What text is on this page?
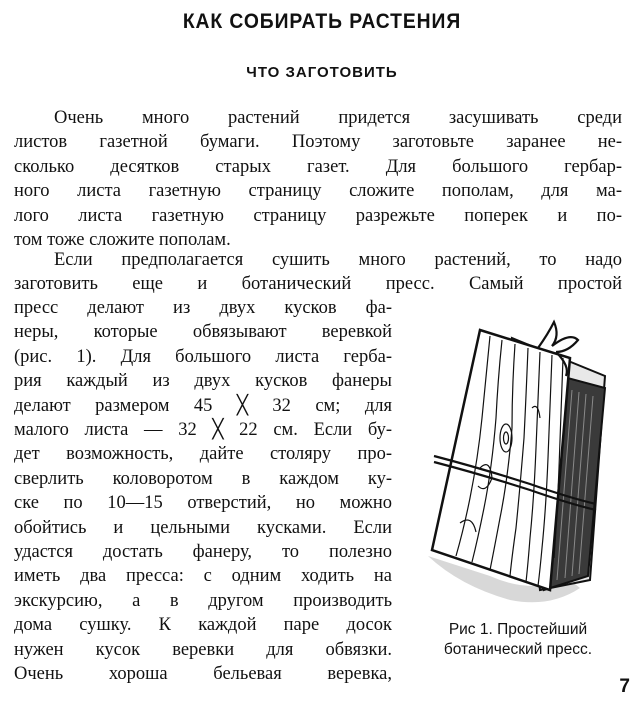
КАК СОБИРАТЬ РАСТЕНИЯ
ЧТО ЗАГОТОВИТЬ
Очень много растений придется засушивать среди
листов газетной бумаги. Поэтому заготовьте заранее не-
сколько десятков старых газет. Для большого гербар-
ного листа газетную страницу сложите пополам, для ма-
лого листа газетную страницу разрежьте поперек и по-
том тоже сложите пополам.
Если предполагается сушить много растений, то надо
заготовить еще и ботанический пресс. Самый простой
пресс делают из двух кусков фа-
неры, которые обвязывают веревкой
(рис. 1). Для большого листа герба-
рия каждый из двух кусков фанеры
делают размером 45 ╳ 32 см; для
малого листа — 32 ╳ 22 см. Если бу-
дет возможность, дайте столяру про-
сверлить коловоротом в каждом ку-
ске по 10—15 отверстий, но можно
обойтись и цельными кусками. Если
удастся достать фанеру, то полезно
иметь два пресса: с одним ходить на
экскурсию, а в другом производить
дома сушку. К каждой паре досок
нужен кусок веревки для обвязки.
Очень хороша бельевая веревка,
Рис 1. Простейший
ботанический пресс.
7
